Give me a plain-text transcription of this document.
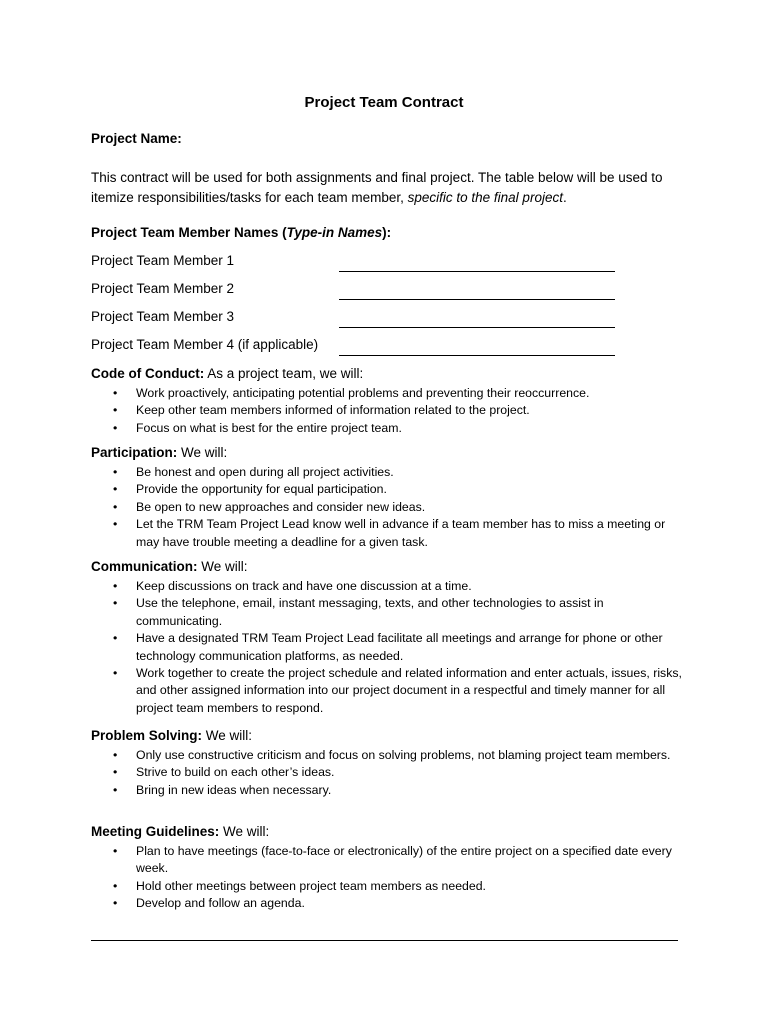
Project Team Contract
Project Name:
This contract will be used for both assignments and final project. The table below will be used to itemize responsibilities/tasks for each team member, specific to the final project.
Project Team Member Names (Type-in Names):
Project Team Member 1
Project Team Member 2
Project Team Member 3
Project Team Member 4 (if applicable)
Code of Conduct: As a project team, we will:
• Work proactively, anticipating potential problems and preventing their reoccurrence.
• Keep other team members informed of information related to the project.
• Focus on what is best for the entire project team.
Participation: We will:
• Be honest and open during all project activities.
• Provide the opportunity for equal participation.
• Be open to new approaches and consider new ideas.
• Let the TRM Team Project Lead know well in advance if a team member has to miss a meeting or may have trouble meeting a deadline for a given task.
Communication: We will:
• Keep discussions on track and have one discussion at a time.
• Use the telephone, email, instant messaging, texts, and other technologies to assist in communicating.
• Have a designated TRM Team Project Lead facilitate all meetings and arrange for phone or other technology communication platforms, as needed.
• Work together to create the project schedule and related information and enter actuals, issues, risks, and other assigned information into our project document in a respectful and timely manner for all project team members to respond.
Problem Solving: We will:
• Only use constructive criticism and focus on solving problems, not blaming project team members.
• Strive to build on each other’s ideas.
• Bring in new ideas when necessary.
Meeting Guidelines: We will:
• Plan to have meetings (face-to-face or electronically) of the entire project on a specified date every week.
• Hold other meetings between project team members as needed.
• Develop and follow an agenda.
